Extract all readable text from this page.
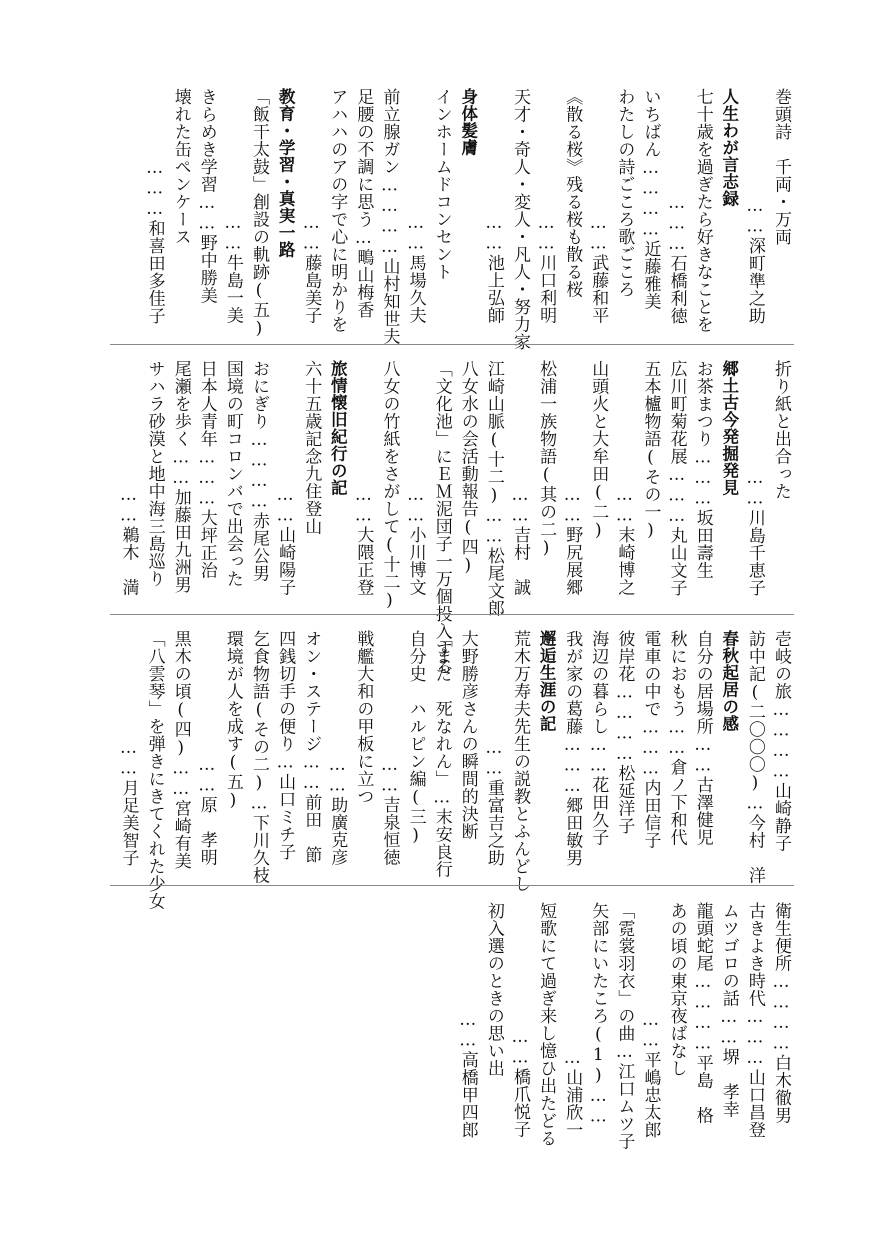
巻頭詩　千両・万両
……深町準之助
人生わが言志録
七十歳を過ぎたら好きなことを
………石橋利徳
いちばん…………近藤雅美
わたしの詩ごころ歌ごころ
……武藤和平
《散る桜》残る桜も散る桜
……川口利明
天才・奇人・変人・凡人・努力家
……池上弘師
身体髪膚
インホームドコンセント
……馬場久夫
前立腺ガン…………山村知世夫
足腰の不調に思う…鴫山梅香
アハハのアの字で心に明かりを
……藤島美子
教育・学習・真実一路
「飯干太鼓」創設の軌跡(五)
……牛島一美
きらめき学習……野中勝美
壊れた缶ペンケース
………和喜田多佳子
折り紙と出合った
……川島千恵子
郷土古今発掘発見
お茶まつり………坂田壽生
広川町菊花展………丸山文子
五本櫨物語(その一)
……末崎博之
山頭火と大牟田(二)
……野尻展郷
松浦一族物語(其の二)
……吉村　誠
江崎山脈(十二)……松尾文郎
八女水の会活動報告(四)
「文化池」にＥＭ泥団子一万個投入する
……小川博文
八女の竹紙をさがして(十二)
……大隈正登
旅情懐旧紀行の記
六十五歳記念九住登山
……山崎陽子
おにぎり…………赤尾公男
国境の町コロンバで出会った
日本人青年………大坪正治
尾瀬を歩く……加藤田九洲男
サハラ砂漠と地中海三島巡り
……鵜木　満
壱岐の旅…………山崎静子
訪中記(二〇〇〇)…今村　洋
春秋起居の感
自分の居場所……古澤健児
秋におもう……倉ノ下和代
電車の中で………内田信子
彼岸花…………松延洋子
海辺の暮らし……花田久子
我が家の葛藤………郷田敏男
邂逅生涯の記
荒木万寿夫先生の説教とふんどし
……重富吉之助
大野勝彦さんの瞬間的決断
「まだ　死なれん」…末安良行
自分史　ハルピン編(三)
……吉泉恒徳
戦艦大和の甲板に立つ
……助廣克彦
オン・ステージ……前田　節
四銭切手の便り…山口ミチ子
乞食物語(その二)…下川久枝
環境が人を成す(五)
……原　孝明
黒木の頃(四)……宮崎有美
「八雲琴」を弾きにきてくれた少女
……月足美智子
衛生便所…………白木徹男
古きよき時代………山口昌登
ムツゴロの話……堺　孝幸
龍頭蛇尾…………平島　格
あの頃の東京夜ばなし
……平嶋忠太郎
「霓裳羽衣」の曲…江口ムツ子
矢部にいたころ(1)……
…山浦欣一
短歌にて過ぎ来し憶ひ出たどる
……橋爪悦子
初入選のときの思い出
……高橋甲四郎
